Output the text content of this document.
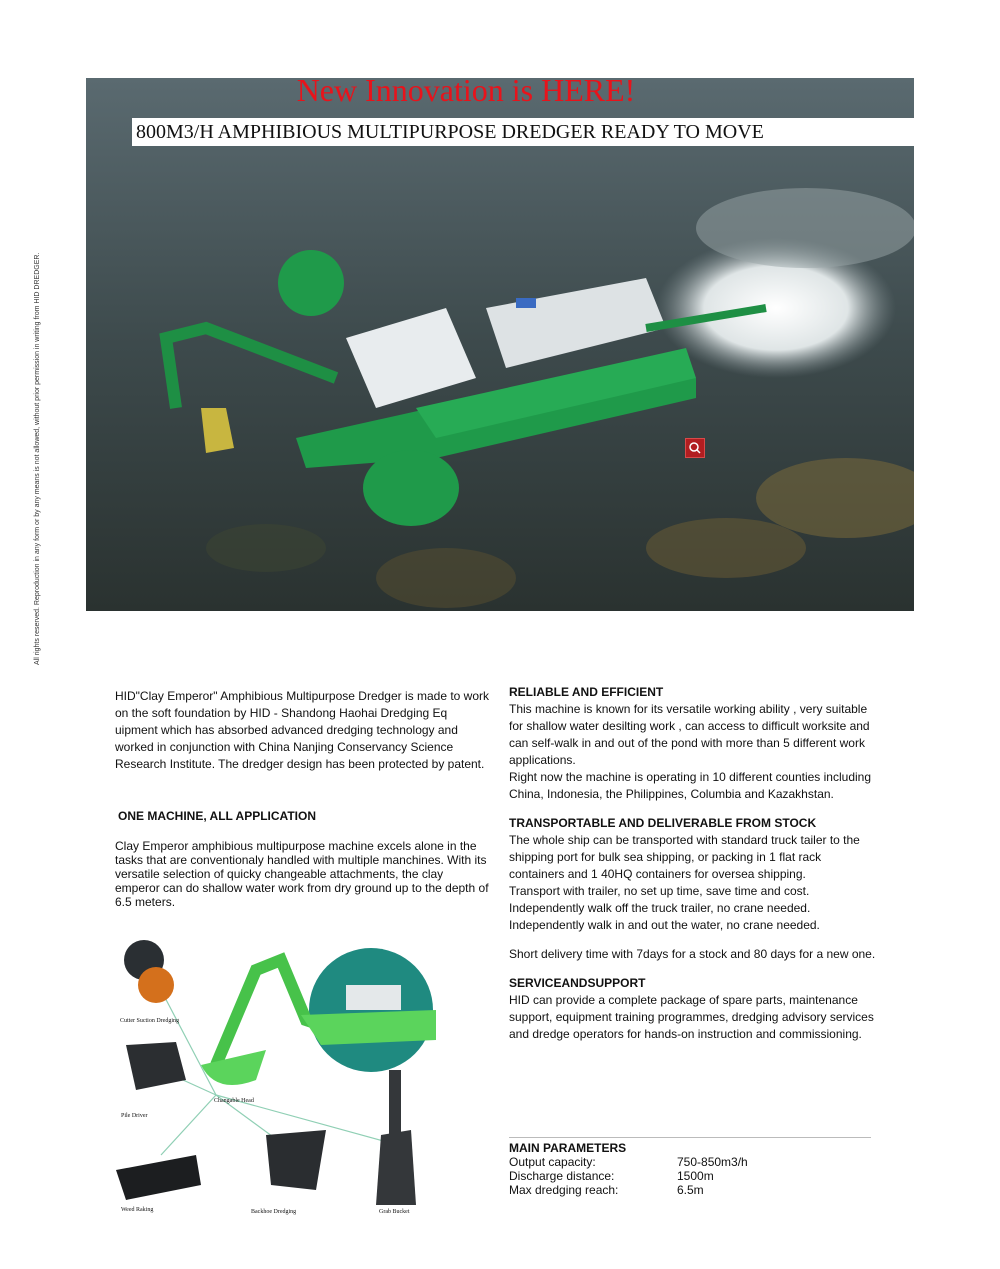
All rights reserved. Reproduction in any form or by any means is not allowed, without prior permission in writing from HID DREDGER.
New Innovation is HERE!
800M3/H AMPHIBIOUS MULTIPURPOSE DREDGER READY TO MOVE

HID"Clay Emperor" Amphibious Multipurpose Dredger is made to work on the soft foundation by HID - Shandong Haohai Dredging Eq uipment which has absorbed advanced dredging technology and worked in conjunction with China Nanjing Conservancy Science Research Institute. The dredger design has been protected by patent.

ONE MACHINE, ALL APPLICATION

Clay Emperor amphibious multipurpose machine excels alone in the tasks that are conventionaly handled with multiple manchines. With its versatile selection of quicky changeable attachments, the clay emperor can do shallow water work from dry ground up to the depth of 6.5 meters.

Cutter Suction Dredging
Pile Driver
Changable Head
Weed Raking	Backhoe Dredging	Grab Bucket

RELIABLE AND EFFICIENT

This machine is known for its versatile working ability , very suitable for shallow water desilting work , can access to difficult worksite and can self-walk in and out of the pond with more than 5 different work applications.

Right now the machine is operating in 10 different counties including China, Indonesia, the Philippines, Columbia and Kazakhstan.

TRANSPORTABLE AND DELIVERABLE FROM STOCK

The whole ship can be transported with standard truck tailer to the shipping port for bulk sea shipping, or packing in 1 flat rack containers and 1 40HQ containers for oversea shipping.

Transport with trailer, no set up time, save time and cost.

Independently walk off the truck trailer, no crane needed.

Independently walk in and out the water, no crane needed.

Short delivery time with 7days for a stock and 80 days for a new one.

SERVICEANDSUPPORT

HID can provide a complete package of spare parts, maintenance support, equipment training programmes, dredging advisory services and dredge operators for hands-on instruction and commissioning.

MAIN PARAMETERS
Output capacity:	750-850m3/h
Discharge distance:	1500m
Max dredging reach:	6.5m
